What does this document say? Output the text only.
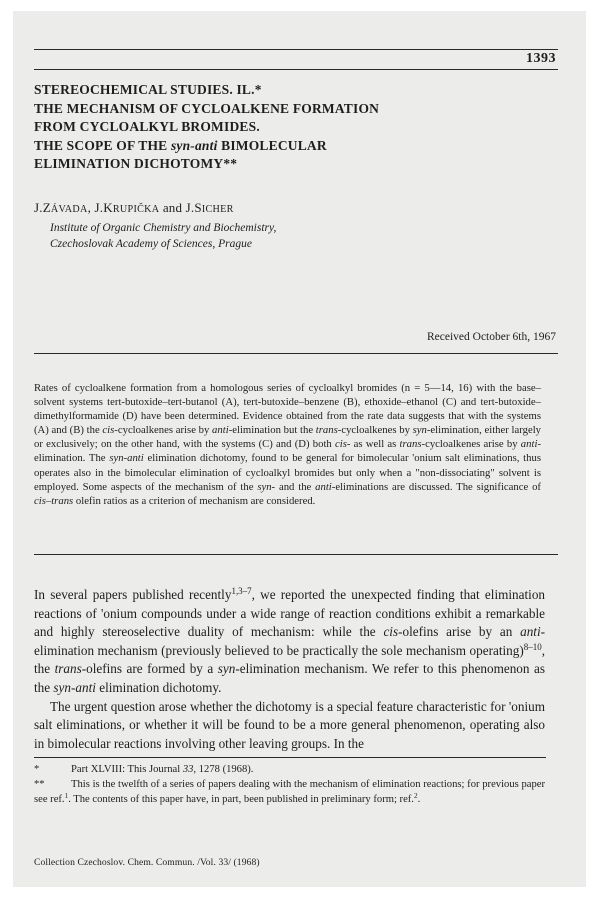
1393
STEREOCHEMICAL STUDIES. IL.*
THE MECHANISM OF CYCLOALKENE FORMATION
FROM CYCLOALKYL BROMIDES.
THE SCOPE OF THE syn-anti BIMOLECULAR
ELIMINATION DICHOTOMY**
J.ZÁVADA, J.KRUPIČKA and J.SICHER
Institute of Organic Chemistry and Biochemistry,
Czechoslovak Academy of Sciences, Prague
Received October 6th, 1967
Rates of cycloalkene formation from a homologous series of cycloalkyl bromides (n = 5—14, 16) with the base–solvent systems tert-butoxide–tert-butanol (A), tert-butoxide–benzene (B), ethoxide–ethanol (C) and tert-butoxide–dimethylformamide (D) have been determined. Evidence obtained from the rate data suggests that with the systems (A) and (B) the cis-cycloalkenes arise by anti-elimination but the trans-cycloalkenes by syn-elimination, either largely or exclusively; on the other hand, with the systems (C) and (D) both cis- as well as trans-cycloalkenes arise by anti-elimination. The syn-anti elimination dichotomy, found to be general for bimolecular 'onium salt eliminations, thus operates also in the bimolecular elimination of cycloalkyl bromides but only when a "non-dissociating" solvent is employed. Some aspects of the mechanism of the syn- and the anti-eliminations are discussed. The significance of cis–trans olefin ratios as a criterion of mechanism are considered.

In several papers published recently$^{1,3-7}$, we reported the unexpected finding that elimination reactions of 'onium compounds under a wide range of reaction conditions exhibit a remarkable and highly stereoselective duality of mechanism: while the cis-olefins arise by an anti-elimination mechanism (previously believed to be practically the sole mechanism operating)$^{8-10}$, the trans-olefins are formed by a syn-elimination mechanism. We refer to this phenomenon as the syn-anti elimination dichotomy.

The urgent question arose whether the dichotomy is a special feature characteristic for 'onium salt eliminations, or whether it will be found to be a more general phenomenon, operating also in bimolecular reactions involving other leaving groups. In the

*	Part XLVIII: This Journal 33, 1278 (1968).
** This is the twelfth of a series of papers dealing with the mechanism of elimination reactions; for previous paper see ref.$^1$. The contents of this paper have, in part, been published in preliminary form; ref.$^2$.
Collection Czechoslov. Chem. Commun. /Vol. 33/ (1968)
